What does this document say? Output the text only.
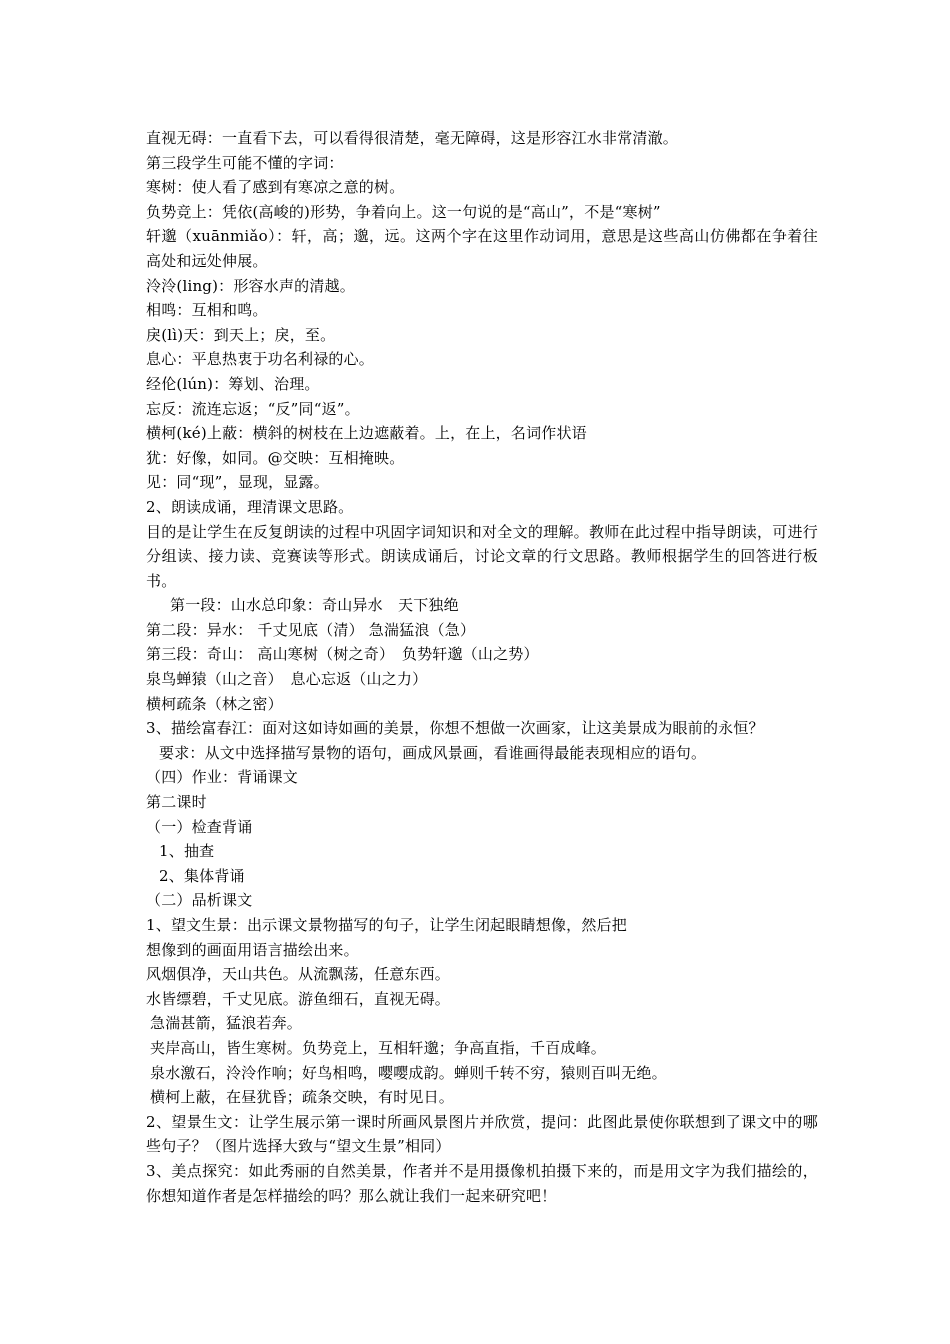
直视无碍：一直看下去，可以看得很清楚，毫无障碍，这是形容江水非常清澈。
第三段学生可能不懂的字词：
寒树：使人看了感到有寒凉之意的树。
负势竞上：凭依(高峻的)形势，争着向上。这一句说的是“高山”，不是“寒树”
轩邈（xuānmiǎo）：轩，高；邈，远。这两个字在这里作动词用，意思是这些高山仿佛都在争着往高处和远处伸展。
泠泠(ling)：形容水声的清越。
相鸣：互相和鸣。
戾(lì)天：到天上；戾，至。
息心：平息热衷于功名利禄的心。
经伦(lún)：筹划、治理。
忘反：流连忘返；“反”同“返”。
横柯(ké)上蔽：横斜的树枝在上边遮蔽着。上，在上，名词作状语
犹：好像，如同。@交映：互相掩映。
见：同“现”，显现，显露。
2、朗读成诵，理清课文思路。
目的是让学生在反复朗读的过程中巩固字词知识和对全文的理解。教师在此过程中指导朗读，可进行分组读、接力读、竞赛读等形式。朗读成诵后，讨论文章的行文思路。教师根据学生的回答进行板书。
第一段：山水总印象：奇山异水　天下独绝
第二段：异水： 千丈见底（清） 急湍猛浪（急）
第三段：奇山： 高山寒树（树之奇）　负势轩邈（山之势）
泉鸟蝉猿（山之音）　息心忘返（山之力）
横柯疏条（林之密）
3、描绘富春江：面对这如诗如画的美景，你想不想做一次画家，让这美景成为眼前的永恒？
要求：从文中选择描写景物的语句，画成风景画，看谁画得最能表现相应的语句。
（四）作业：背诵课文
第二课时
（一）检查背诵
1、抽查
2、集体背诵
（二）品析课文
1、望文生景：出示课文景物描写的句子，让学生闭起眼睛想像，然后把
想像到的画面用语言描绘出来。
风烟俱净，天山共色。从流飘荡，任意东西。
水皆缥碧，千丈见底。游鱼细石，直视无碍。
急湍甚箭，猛浪若奔。
夹岸高山，皆生寒树。负势竞上，互相轩邈；争高直指，千百成峰。
泉水激石，泠泠作响；好鸟相鸣，嘤嘤成韵。蝉则千转不穷，猿则百叫无绝。
横柯上蔽，在昼犹昏；疏条交映，有时见日。
2、望景生文：让学生展示第一课时所画风景图片并欣赏，提问：此图此景使你联想到了课文中的哪些句子？（图片选择大致与“望文生景”相同）
3、美点探究：如此秀丽的自然美景，作者并不是用摄像机拍摄下来的，而是用文字为我们描绘的，你想知道作者是怎样描绘的吗？那么就让我们一起来研究吧！
